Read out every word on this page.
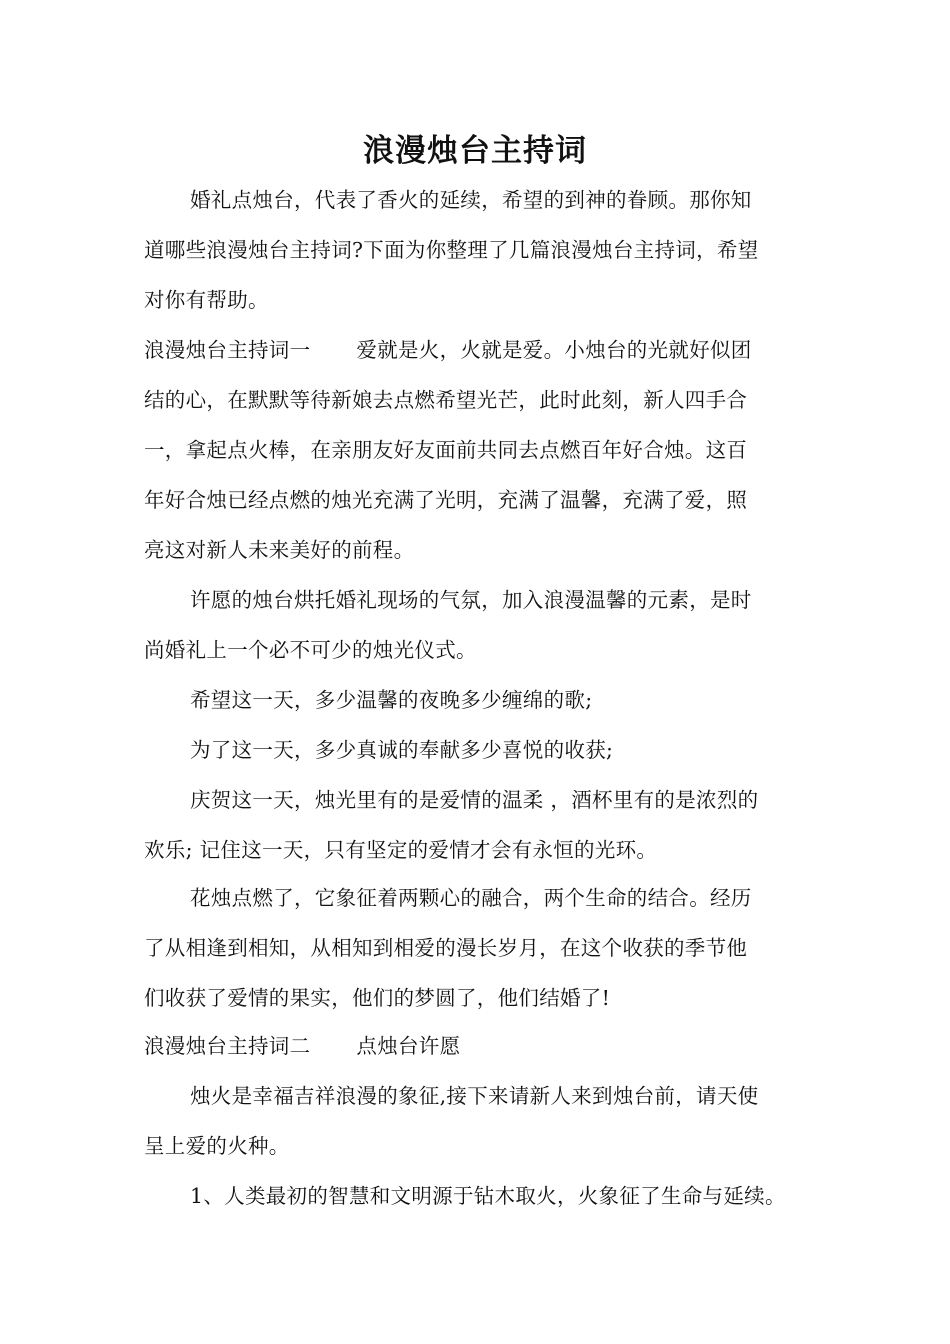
浪漫烛台主持词
婚礼点烛台，代表了香火的延续，希望的到神的眷顾。那你知
道哪些浪漫烛台主持词?下面为你整理了几篇浪漫烛台主持词，希望
对你有帮助。
浪漫烛台主持词一 爱就是火，火就是爱。小烛台的光就好似团
结的心，在默默等待新娘去点燃希望光芒，此时此刻，新人四手合
一，拿起点火棒，在亲朋友好友面前共同去点燃百年好合烛。这百
年好合烛已经点燃的烛光充满了光明，充满了温馨，充满了爱，照
亮这对新人未来美好的前程。
许愿的烛台烘托婚礼现场的气氛，加入浪漫温馨的元素，是时
尚婚礼上一个必不可少的烛光仪式。
希望这一天，多少温馨的夜晚多少缠绵的歌;
为了这一天，多少真诚的奉献多少喜悦的收获;
庆贺这一天，烛光里有的是爱情的温柔 ，酒杯里有的是浓烈的
欢乐; 记住这一天，只有坚定的爱情才会有永恒的光环。
花烛点燃了，它象征着两颗心的融合，两个生命的结合。经历
了从相逢到相知，从相知到相爱的漫长岁月，在这个收获的季节他
们收获了爱情的果实，他们的梦圆了，他们结婚了!
浪漫烛台主持词二 点烛台许愿
烛火是幸福吉祥浪漫的象征,接下来请新人来到烛台前，请天使
呈上爱的火种。
1、人类最初的智慧和文明源于钻木取火，火象征了生命与延续。
